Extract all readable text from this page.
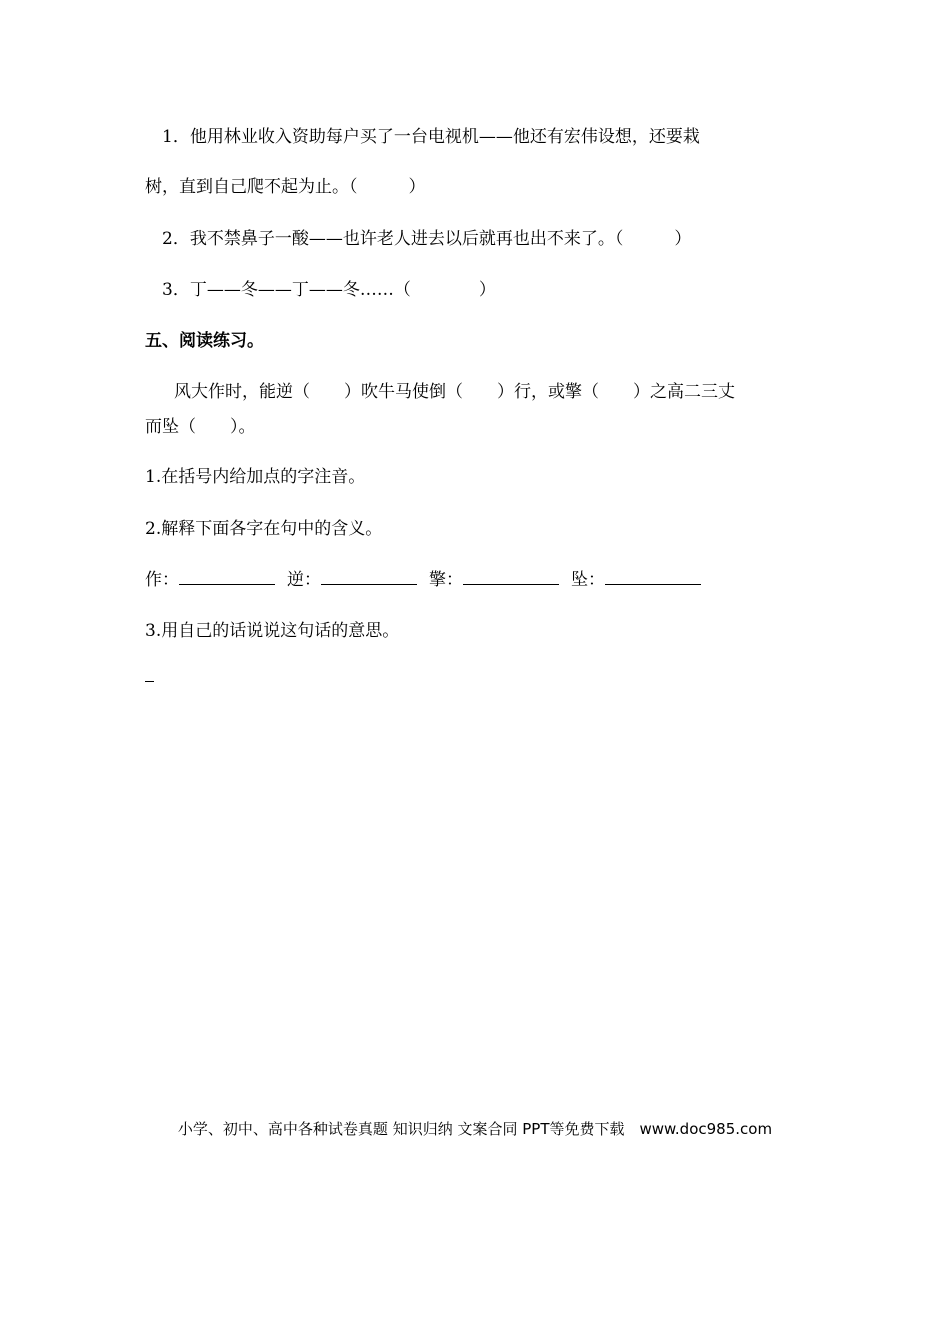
1．他用林业收入资助每户买了一台电视机——他还有宏伟设想，还要栽
树，直到自己爬不起为止。（　　　）
2．我不禁鼻子一酸——也许老人进去以后就再也出不来了。（　　　）
3．丁——冬——丁——冬……（　　　　）
五、阅读练习。
风大作时，能逆（　　）吹牛马使倒（　　）行，或擎（　　）之高二三丈
而坠（　　）。
1.在括号内给加点的字注音。
2.解释下面各字在句中的含义。
作：	逆：	擎：	坠：
3.用自己的话说说这句话的意思。
小学、初中、高中各种试卷真题 知识归纳 文案合同 PPT等免费下载　www.doc985.com
